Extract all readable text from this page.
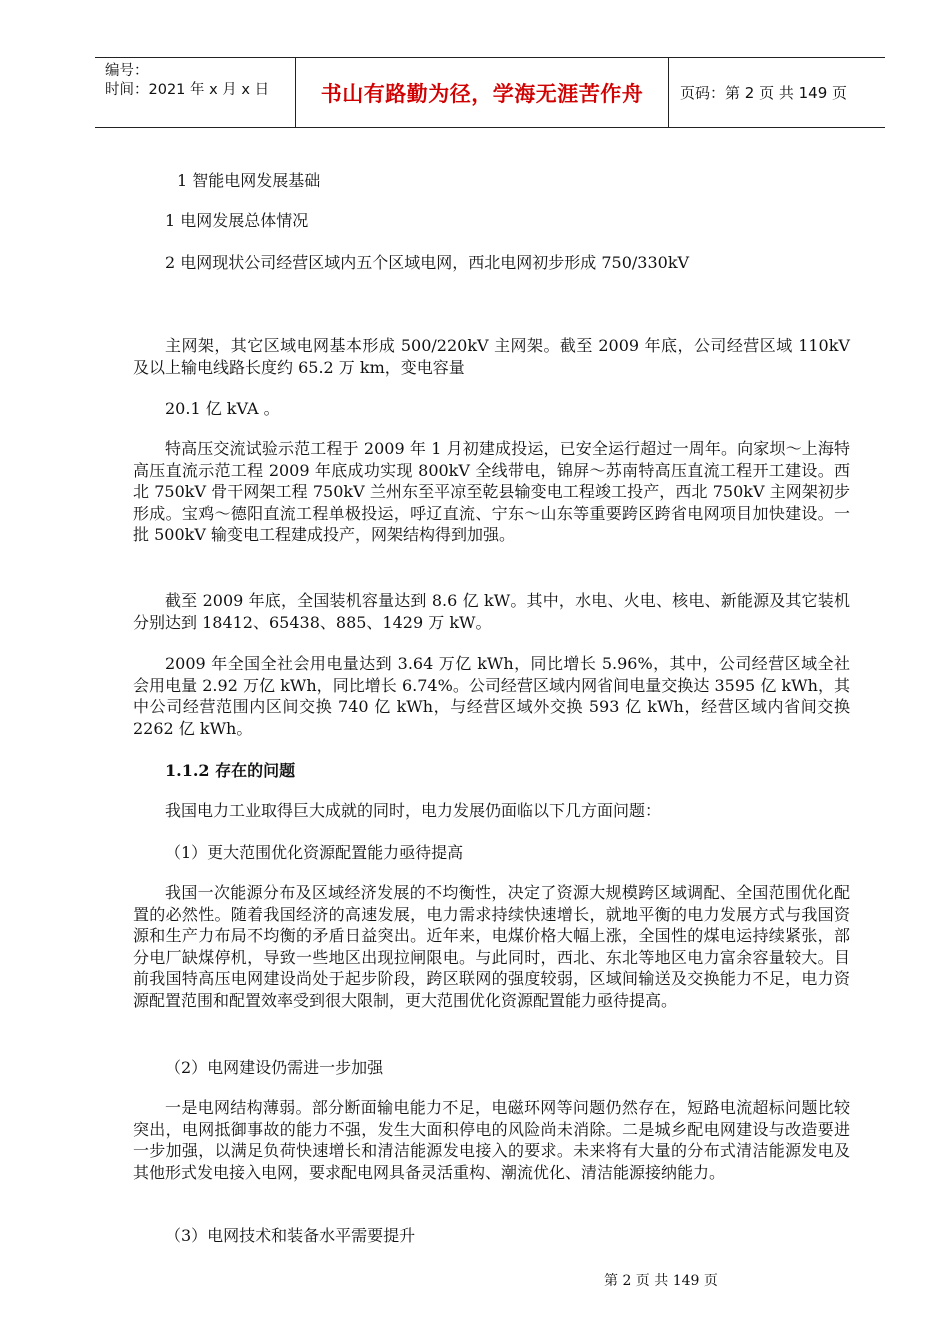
编号：
时间：2021 年 x 月 x 日	书山有路勤为径，学海无涯苦作舟	页码：第 2 页 共 149 页
1 智能电网发展基础
1 电网发展总体情况
2 电网现状公司经营区域内五个区域电网，西北电网初步形成 750/330kV
主网架，其它区域电网基本形成 500/220kV 主网架。截至 2009 年底，公司经营区域 110kV 及以上输电线路长度约 65.2 万 km，变电容量
20.1 亿 kVA 。
特高压交流试验示范工程于 2009 年 1 月初建成投运，已安全运行超过一周年。向家坝～上海特高压直流示范工程 2009 年底成功实现 800kV 全线带电，锦屏～苏南特高压直流工程开工建设。西北 750kV 骨干网架工程 750kV 兰州东至平凉至乾县输变电工程竣工投产，西北 750kV 主网架初步形成。宝鸡～德阳直流工程单极投运，呼辽直流、宁东～山东等重要跨区跨省电网项目加快建设。一批 500kV 输变电工程建成投产，网架结构得到加强。
截至 2009 年底，全国装机容量达到 8.6 亿 kW。其中，水电、火电、核电、新能源及其它装机分别达到 18412、65438、885、1429 万 kW。
2009 年全国全社会用电量达到 3.64 万亿 kWh，同比增长 5.96%，其中，公司经营区域全社会用电量 2.92 万亿 kWh，同比增长 6.74%。公司经营区域内网省间电量交换达 3595 亿 kWh，其中公司经营范围内区间交换 740 亿 kWh，与经营区域外交换 593 亿 kWh，经营区域内省间交换 2262 亿 kWh。
1.1.2 存在的问题
我国电力工业取得巨大成就的同时，电力发展仍面临以下几方面问题：
（1）更大范围优化资源配置能力亟待提高
我国一次能源分布及区域经济发展的不均衡性，决定了资源大规模跨区域调配、全国范围优化配置的必然性。随着我国经济的高速发展，电力需求持续快速增长，就地平衡的电力发展方式与我国资源和生产力布局不均衡的矛盾日益突出。近年来，电煤价格大幅上涨，全国性的煤电运持续紧张，部分电厂缺煤停机，导致一些地区出现拉闸限电。与此同时，西北、东北等地区电力富余容量较大。目前我国特高压电网建设尚处于起步阶段，跨区联网的强度较弱，区域间输送及交换能力不足，电力资源配置范围和配置效率受到很大限制，更大范围优化资源配置能力亟待提高。
（2）电网建设仍需进一步加强
一是电网结构薄弱。部分断面输电能力不足，电磁环网等问题仍然存在，短路电流超标问题比较突出，电网抵御事故的能力不强，发生大面积停电的风险尚未消除。二是城乡配电网建设与改造要进一步加强，以满足负荷快速增长和清洁能源发电接入的要求。未来将有大量的分布式清洁能源发电及其他形式发电接入电网，要求配电网具备灵活重构、潮流优化、清洁能源接纳能力。
（3）电网技术和装备水平需要提升
第 2 页 共 149 页
